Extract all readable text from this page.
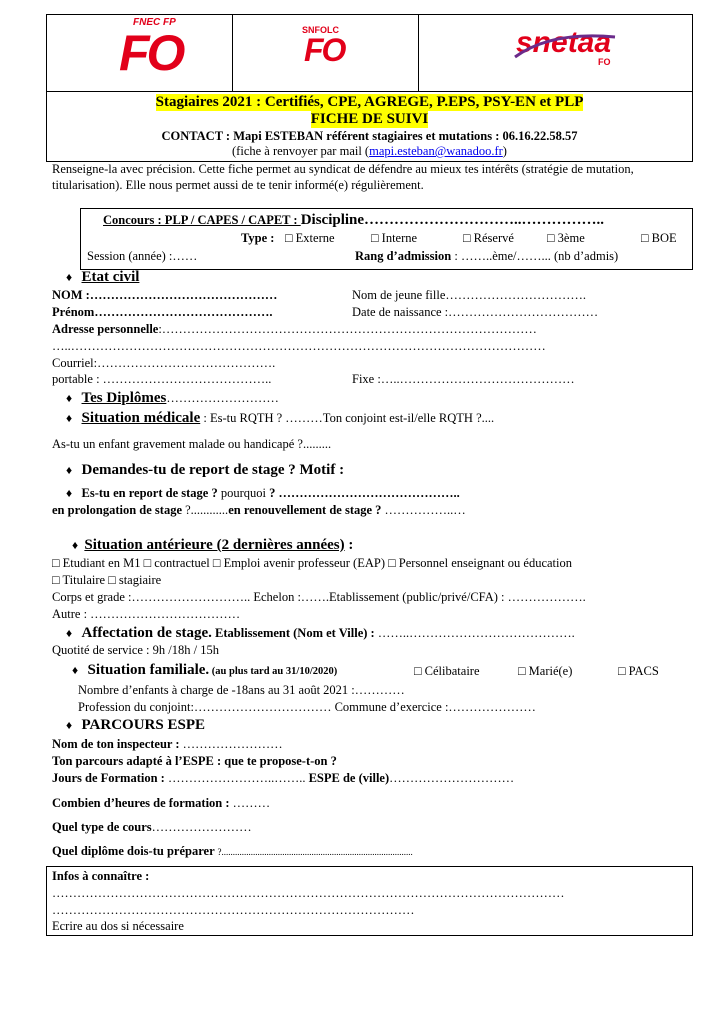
FNEC FP
FO	SNFOLC
FO	snetaa
FO
Stagiaires 2021 : Certifiés, CPE, AGREGE, P.EPS, PSY-EN et PLP
FICHE DE SUIVI
CONTACT : Mapi ESTEBAN référent stagiaires et mutations : 06.16.22.58.57
(fiche à renvoyer par mail (mapi.esteban@wanadoo.fr)
Renseigne-la avec précision. Cette fiche permet au syndicat de défendre au mieux tes intérêts (stratégie de mutation,
titularisation). Elle nous permet aussi de te tenir informé(e) régulièrement.
Concours : PLP / CAPES / CAPET : Discipline…………………………..……………..
Type : □ Externe	□ Interne	□ Réservé	□ 3ème	□ BOE
Session (année) :……	Rang d’admission : ……..ème/……... (nb d’admis)
♦ Etat civil
NOM :………………………………………	Nom de jeune fille…………………………….
Prénom…………………………………….	Date de naissance :………………………………
Adresse personnelle:………………………………………………………………………………
…..……………………………………………………………………………………………………
Courriel:…………………………………….
portable : …………………………………..	Fixe :…..……………………………………
♦ Tes Diplômes………………………
♦ Situation médicale : Es-tu RQTH ? ………Ton conjoint est-il/elle RQTH ?....
As-tu un enfant gravement malade ou handicapé ?.........
♦ Demandes-tu de report de stage ? Motif :
♦ Es-tu en report de stage ? pourquoi ? ……………………………………..
en prolongation de stage ?............en renouvellement de stage ? ……………..…
♦ Situation antérieure (2 dernières années) :
□ Etudiant en M1 □ contractuel □ Emploi avenir professeur (EAP) □ Personnel enseignant ou éducation
□ Titulaire □ stagiaire
Corps et grade :……………………….. Echelon :…….Etablissement (public/privé/CFA) : ……………….
Autre : ………………………………
♦ Affectation de stage. Etablissement (Nom et Ville) : ……..………………………………….
Quotité de service : 9h /18h / 15h
♦ Situation familiale. (au plus tard au 31/10/2020)	□ Célibataire	□ Marié(e)	□ PACS
Nombre d’enfants à charge de -18ans au 31 août 2021 :…………
Profession du conjoint:…………………………… Commune d’exercice :…………………
♦ PARCOURS ESPE
Nom de ton inspecteur : ……………………
Ton parcours adapté à l’ESPE : que te propose-t-on ?
Jours de Formation : ……………………..…….. ESPE de (ville)…………………………
Combien d’heures de formation : ………
Quel type de cours……………………
Quel diplôme dois-tu préparer ?.....................................................................................
Infos à connaître :
……………………………………………………………………………………………………………
……………………………………………………………………………
Ecrire au dos si nécessaire
